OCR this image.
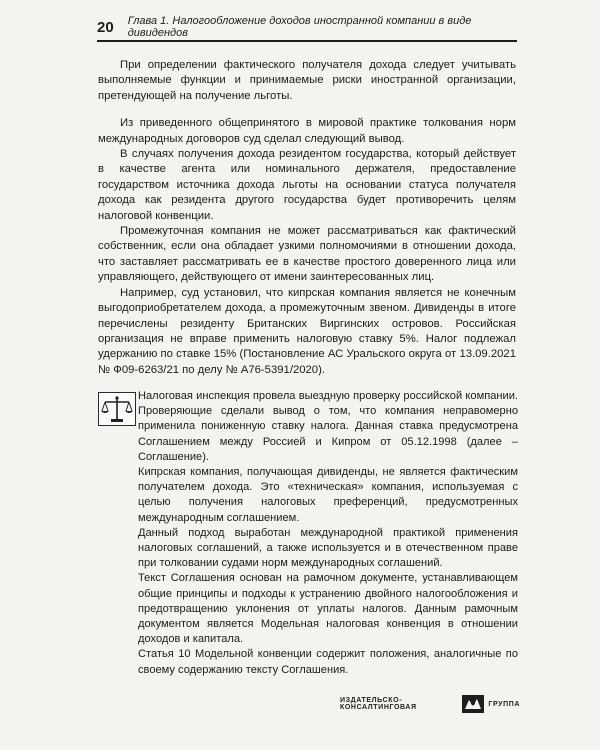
20 Глава 1. Налогообложение доходов иностранной компании в виде дивидендов

При определении фактического получателя дохода следует учитывать выполняемые функции и принимаемые риски иностранной организации, претендующей на получение льготы.

Из приведенного общепринятого в мировой практике толкования норм международных договоров суд сделал следующий вывод.

В случаях получения дохода резидентом государства, который действует в качестве агента или номинального держателя, предоставление государством источника дохода льготы на основании статуса получателя дохода как резидента другого государства будет противоречить целям налоговой конвенции.

Промежуточная компания не может рассматриваться как фактический собственник, если она обладает узкими полномочиями в отношении дохода, что заставляет рассматривать ее в качестве простого доверенного лица или управляющего, действующего от имени заинтересованных лиц.

Например, суд установил, что кипрская компания является не конечным выгодоприобретателем дохода, а промежуточным звеном. Дивиденды в итоге перечислены резиденту Британских Виргинских островов. Российская организация не вправе применить налоговую ставку 5%. Налог подлежал удержанию по ставке 15% (Постановление АС Уральского округа от 13.09.2021 № Ф09-6263/21 по делу № А76-5391/2020).

Налоговая инспекция провела выездную проверку российской компании. Проверяющие сделали вывод о том, что компания неправомерно применила пониженную ставку налога. Данная ставка предусмотрена Соглашением между Россией и Кипром от 05.12.1998 (далее – Соглашение).

Кипрская компания, получающая дивиденды, не является фактическим получателем дохода. Это «техническая» компания, используемая с целью получения налоговых преференций, предусмотренных международным соглашением.

Данный подход выработан международной практикой применения налоговых соглашений, а также используется и в отечественном праве при толковании судами норм международных соглашений.

Текст Соглашения основан на рамочном документе, устанавливающем общие принципы и подходы к устранению двойного налогообложения и предотвращению уклонения от уплаты налогов. Данным рамочным документом является Модельная налоговая конвенция в отношении доходов и капитала.

Статья 10 Модельной конвенции содержит положения, аналогичные по своему содержанию тексту Соглашения.

ИЗДАТЕЛЬСКО-КОНСАЛТИНГОВАЯ	ГРУППА
